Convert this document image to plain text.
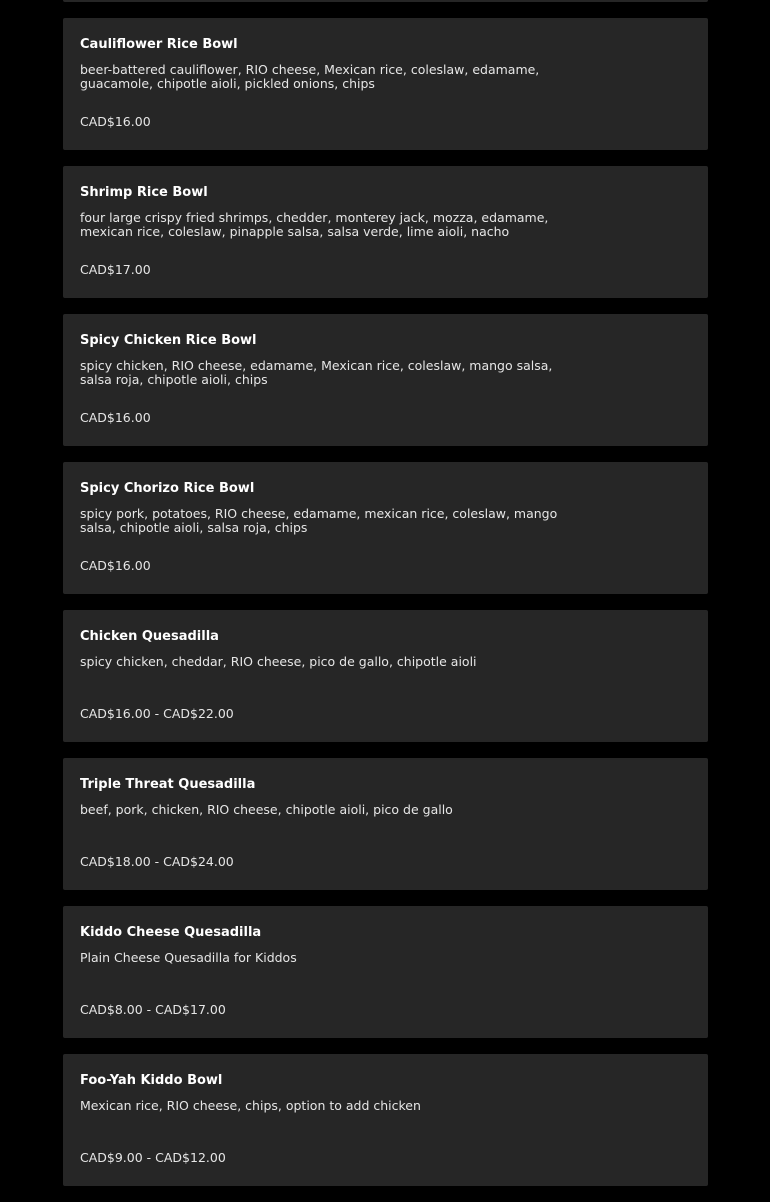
Cauliflower Rice Bowl
beer-battered cauliflower, RIO cheese, Mexican rice, coleslaw, edamame, guacamole, chipotle aioli, pickled onions, chips
CAD$16.00
Shrimp Rice Bowl
four large crispy fried shrimps, chedder, monterey jack, mozza, edamame, mexican rice, coleslaw, pinapple salsa, salsa verde, lime aioli, nacho
CAD$17.00
Spicy Chicken Rice Bowl
spicy chicken, RIO cheese, edamame, Mexican rice, coleslaw, mango salsa, salsa roja, chipotle aioli, chips
CAD$16.00
Spicy Chorizo Rice Bowl
spicy pork, potatoes, RIO cheese, edamame, mexican rice, coleslaw, mango salsa, chipotle aioli, salsa roja, chips
CAD$16.00
Chicken Quesadilla
spicy chicken, cheddar, RIO cheese, pico de gallo, chipotle aioli
CAD$16.00 - CAD$22.00
Triple Threat Quesadilla
beef, pork, chicken, RIO cheese, chipotle aioli, pico de gallo
CAD$18.00 - CAD$24.00
Kiddo Cheese Quesadilla
Plain Cheese Quesadilla for Kiddos
CAD$8.00 - CAD$17.00
Foo-Yah Kiddo Bowl
Mexican rice, RIO cheese, chips, option to add chicken
CAD$9.00 - CAD$12.00
